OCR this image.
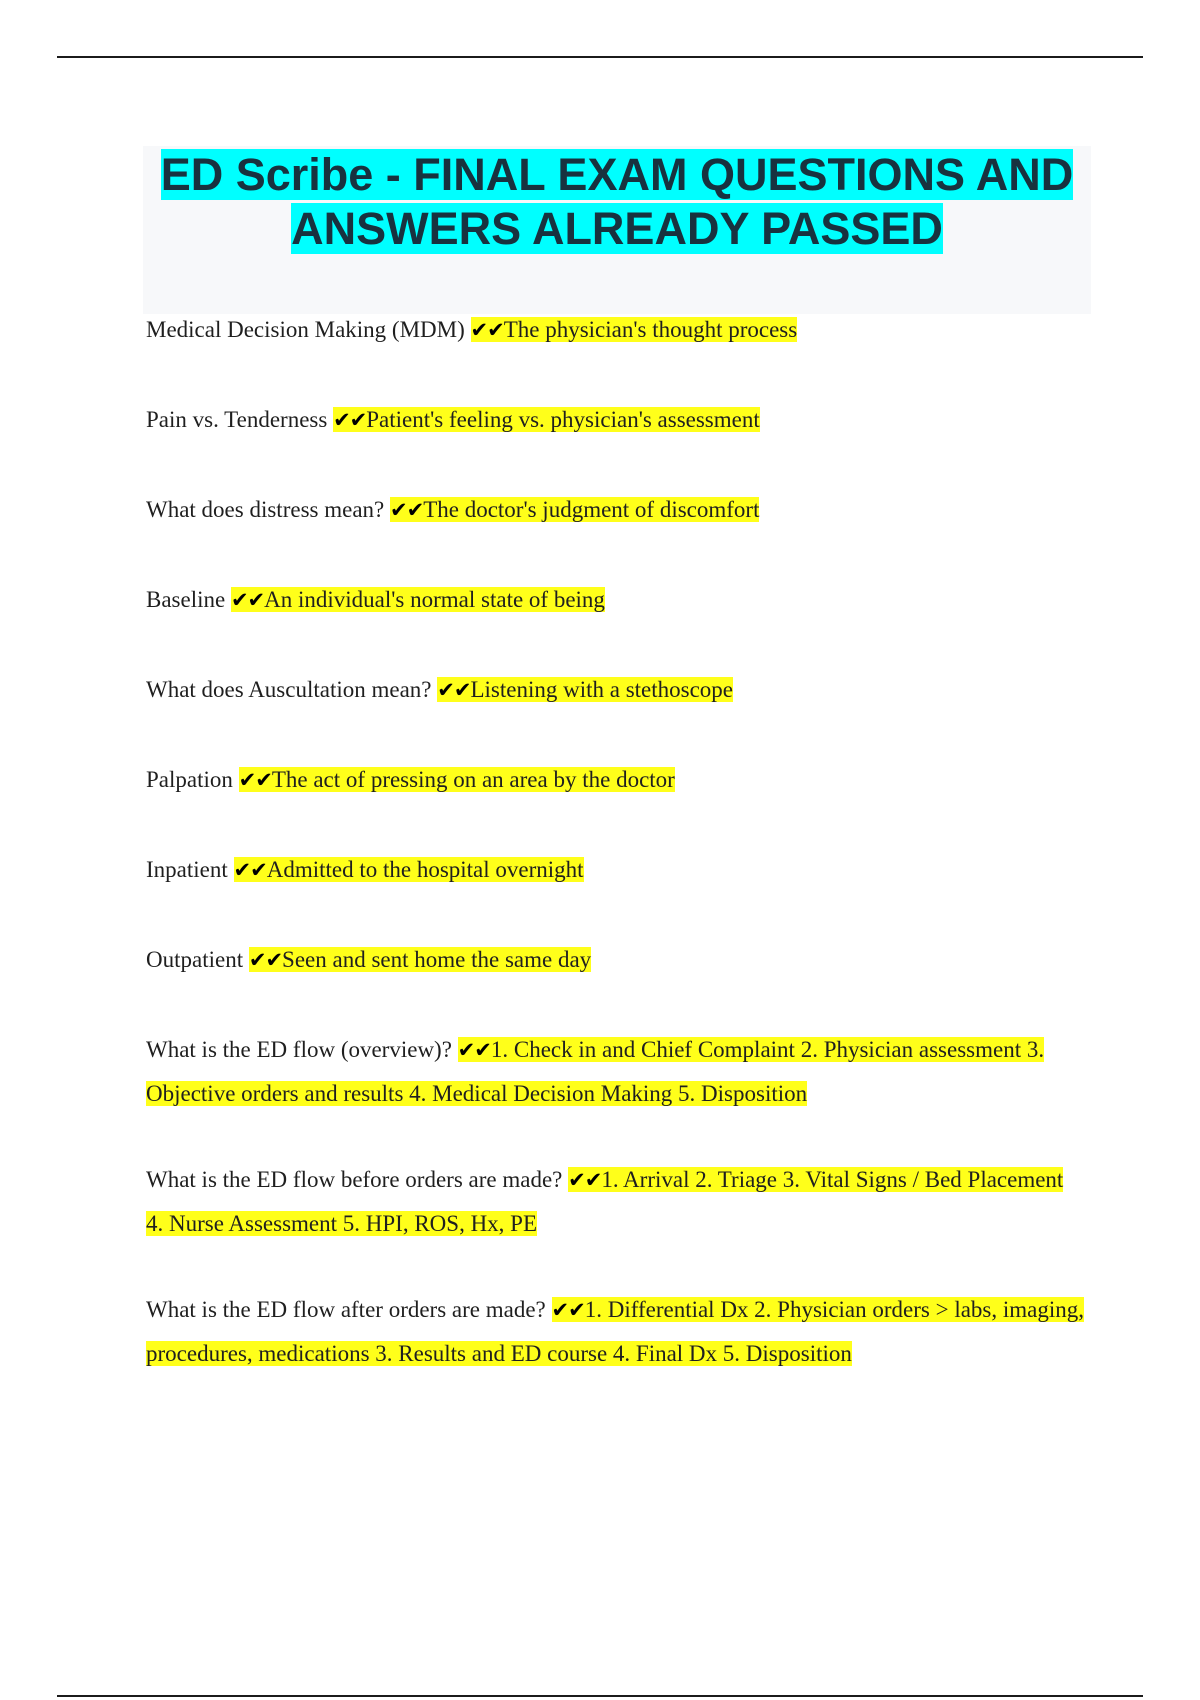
ED Scribe - FINAL EXAM QUESTIONS AND ANSWERS ALREADY PASSED

Medical Decision Making (MDM) ✔✔The physician's thought process

Pain vs. Tenderness ✔✔Patient's feeling vs. physician's assessment

What does distress mean? ✔✔The doctor's judgment of discomfort

Baseline ✔✔An individual's normal state of being

What does Auscultation mean? ✔✔Listening with a stethoscope

Palpation ✔✔The act of pressing on an area by the doctor

Inpatient ✔✔Admitted to the hospital overnight

Outpatient ✔✔Seen and sent home the same day

What is the ED flow (overview)? ✔✔1. Check in and Chief Complaint 2. Physician assessment 3. Objective orders and results 4. Medical Decision Making 5. Disposition

What is the ED flow before orders are made? ✔✔1. Arrival 2. Triage 3. Vital Signs / Bed Placement 4. Nurse Assessment 5. HPI, ROS, Hx, PE

What is the ED flow after orders are made? ✔✔1. Differential Dx 2. Physician orders > labs, imaging, procedures, medications 3. Results and ED course 4. Final Dx 5. Disposition
